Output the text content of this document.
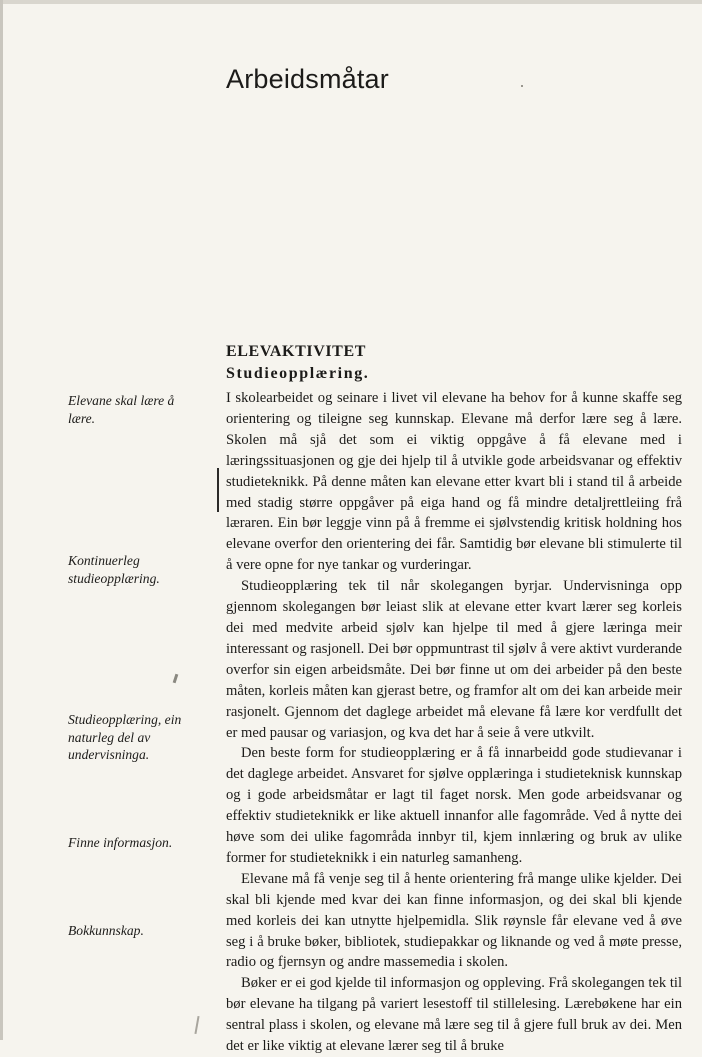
Arbeidsmåtar
ELEVAKTIVITET
Studieopplæring.

Elevane skal lære å lære.

Kontinuerleg studieopplæring.

Studieopplæring, ein naturleg del av undervisninga.

Finne informasjon.

Bokkunnskap.

I skolearbeidet og seinare i livet vil elevane ha behov for å kunne skaffe seg orientering og tileigne seg kunnskap. Elevane må derfor lære seg å lære. Skolen må sjå det som ei viktig oppgåve å få elevane med i læringssituasjonen og gje dei hjelp til å utvikle gode arbeidsvanar og effektiv studieteknikk. På denne måten kan elevane etter kvart bli i stand til å arbeide med stadig større oppgåver på eiga hand og få mindre detaljrettleiing frå læraren. Ein bør leggje vinn på å fremme ei sjølvstendig kritisk holdning hos elevane overfor den orientering dei får. Samtidig bør elevane bli stimulerte til å vere opne for nye tankar og vurderingar.

Studieopplæring tek til når skolegangen byrjar. Undervisninga opp gjennom skolegangen bør leiast slik at elevane etter kvart lærer seg korleis dei med medvite arbeid sjølv kan hjelpe til med å gjere læringa meir interessant og rasjonell. Dei bør oppmuntrast til sjølv å vere aktivt vurderande overfor sin eigen arbeidsmåte. Dei bør finne ut om dei arbeider på den beste måten, korleis måten kan gjerast betre, og framfor alt om dei kan arbeide meir rasjonelt. Gjennom det daglege arbeidet må elevane få lære kor verdfullt det er med pausar og variasjon, og kva det har å seie å vere utkvilt.

Den beste form for studieopplæring er å få innarbeidd gode studievanar i det daglege arbeidet. Ansvaret for sjølve opplæringa i studieteknisk kunnskap og i gode arbeidsmåtar er lagt til faget norsk. Men gode arbeidsvanar og effektiv studieteknikk er like aktuell innanfor alle fagområde. Ved å nytte dei høve som dei ulike fagområda innbyr til, kjem innlæring og bruk av ulike former for studieteknikk i ein naturleg samanheng.

Elevane må få venje seg til å hente orientering frå mange ulike kjelder. Dei skal bli kjende med kvar dei kan finne informasjon, og dei skal bli kjende med korleis dei kan utnytte hjelpemidla. Slik røynsle får elevane ved å øve seg i å bruke bøker, bibliotek, studiepakkar og liknande og ved å møte presse, radio og fjernsyn og andre massemedia i skolen.

Bøker er ei god kjelde til informasjon og oppleving. Frå skolegangen tek til bør elevane ha tilgang på variert lesestoff til stillelesing. Lærebøkene har ein sentral plass i skolen, og elevane må lære seg til å gjere full bruk av dei. Men det er like viktig at elevane lærer seg til å bruke
